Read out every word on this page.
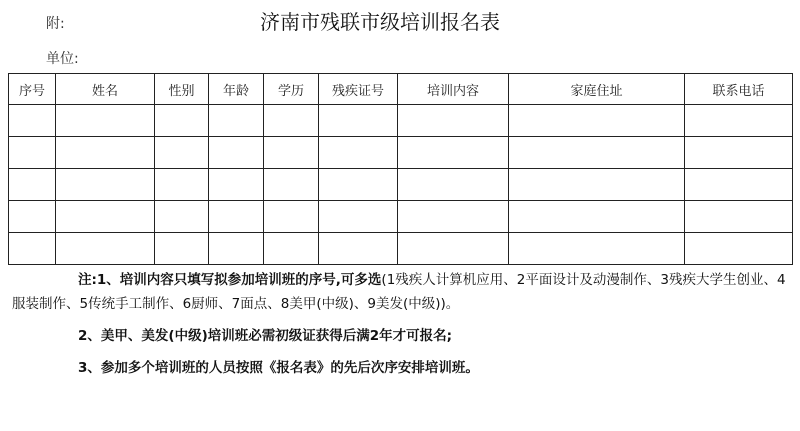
附:	济南市残联市级培训报名表
单位:
序号	姓名	性别	年龄	学历	残疾证号	培训内容	家庭住址	联系电话

注:1、培训内容只填写拟参加培训班的序号,可多选(1残疾人计算机应用、2平面设计及动漫制作、3残疾大学生创业、4服装制作、5传统手工制作、6厨师、7面点、8美甲(中级)、9美发(中级))。

2、美甲、美发(中级)培训班必需初级证获得后满2年才可报名;

3、参加多个培训班的人员按照《报名表》的先后次序安排培训班。
